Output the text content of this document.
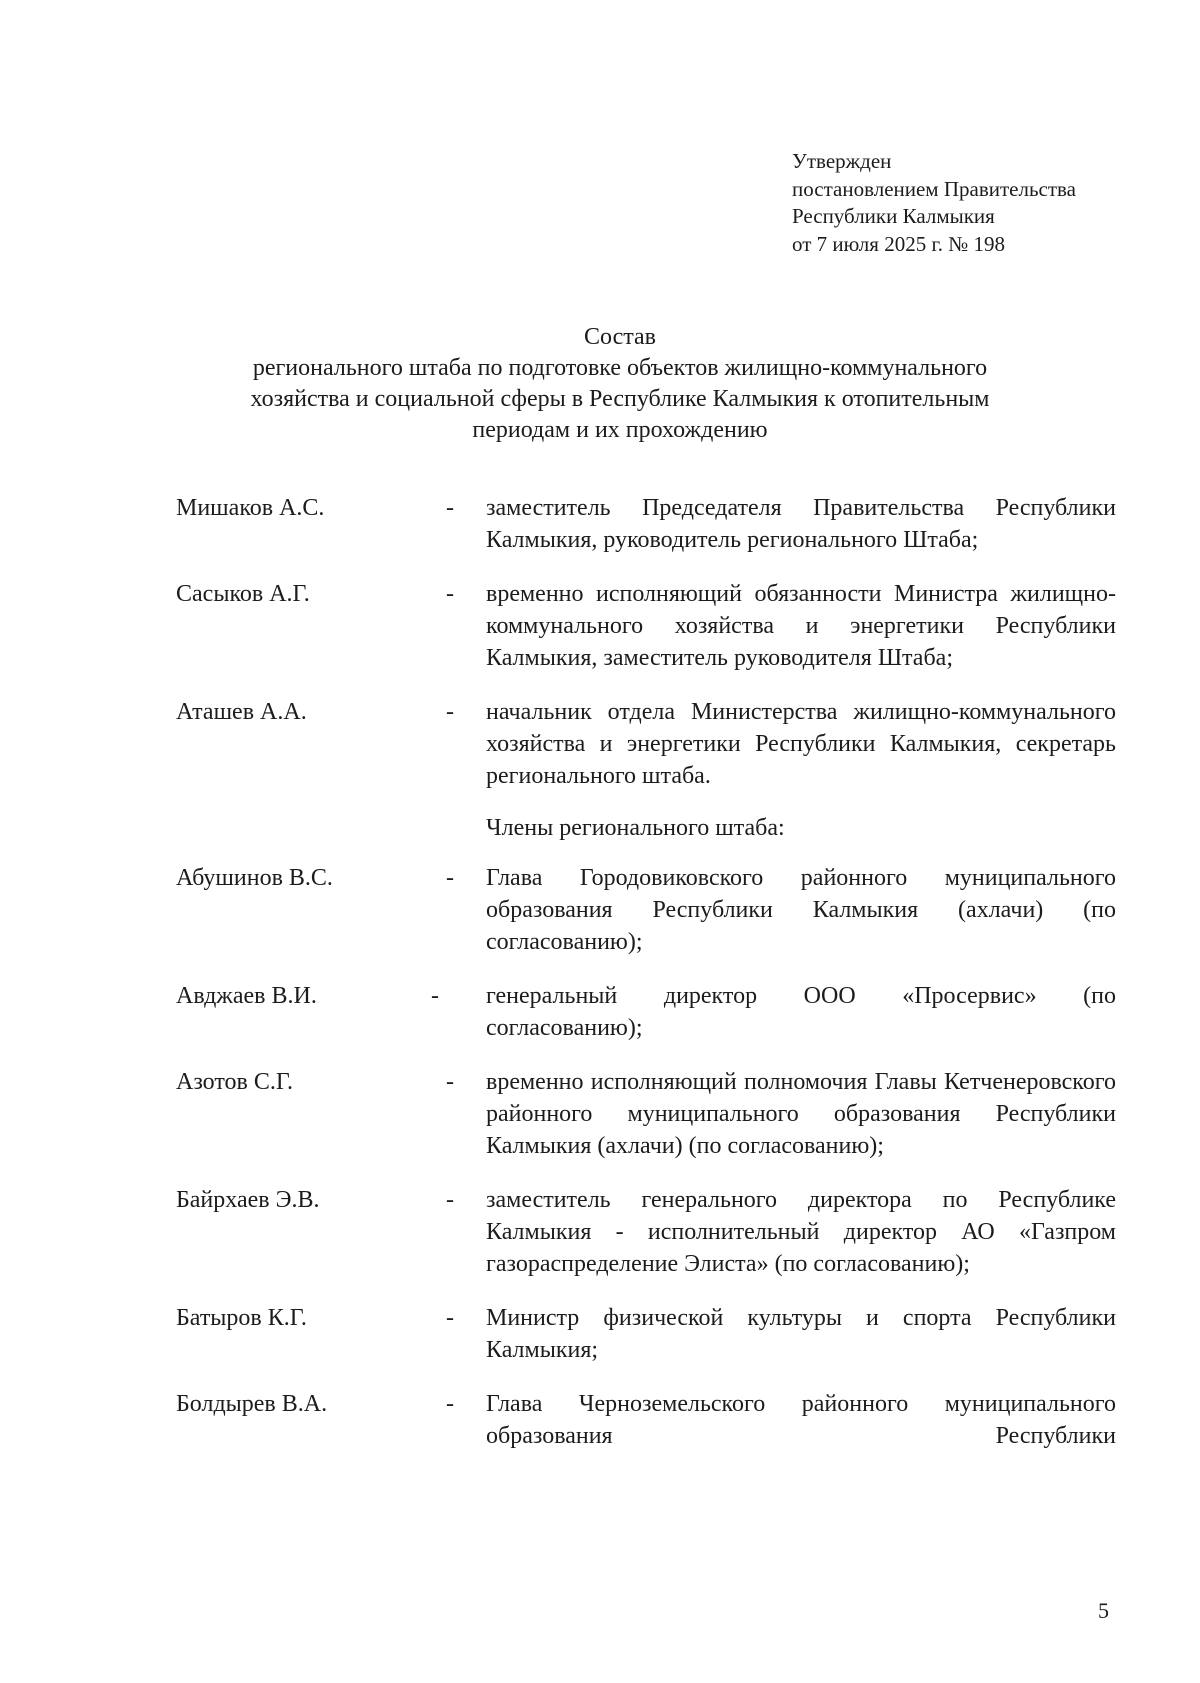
Утвержден
постановлением Правительства
Республики Калмыкия
от 7 июля 2025 г. № 198
Состав
регионального штаба по подготовке объектов жилищно-коммунального
хозяйства и социальной сферы в Республике Калмыкия к отопительным
периодам и их прохождению
Мишаков А.С.	- заместитель Председателя Правительства Республики Калмыкия, руководитель регионального Штаба;
Сасыков А.Г.	- временно исполняющий обязанности Министра жилищно-коммунального хозяйства и энергетики Республики Калмыкия, заместитель руководителя Штаба;
Аташев А.А.	- начальник отдела Министерства жилищно-коммунального хозяйства и энергетики Республики Калмыкия, секретарь регионального штаба.
Члены регионального штаба:
Абушинов В.С.	- Глава Городовиковского районного муниципального образования Республики Калмыкия (ахлачи) (по согласованию);
Авджаев В.И.	- генеральный директор ООО «Просервис» (по согласованию);
Азотов С.Г.	- временно исполняющий полномочия Главы Кетченеровского районного муниципального образования Республики Калмыкия (ахлачи) (по согласованию);
Байрхаев Э.В.	- заместитель генерального директора по Республике Калмыкия - исполнительный директор АО «Газпром газораспределение Элиста» (по согласованию);
Батыров К.Г.	- Министр физической культуры и спорта Республики Калмыкия;
Болдырев В.А.	- Глава Черноземельского районного муниципального образования Республики
5
